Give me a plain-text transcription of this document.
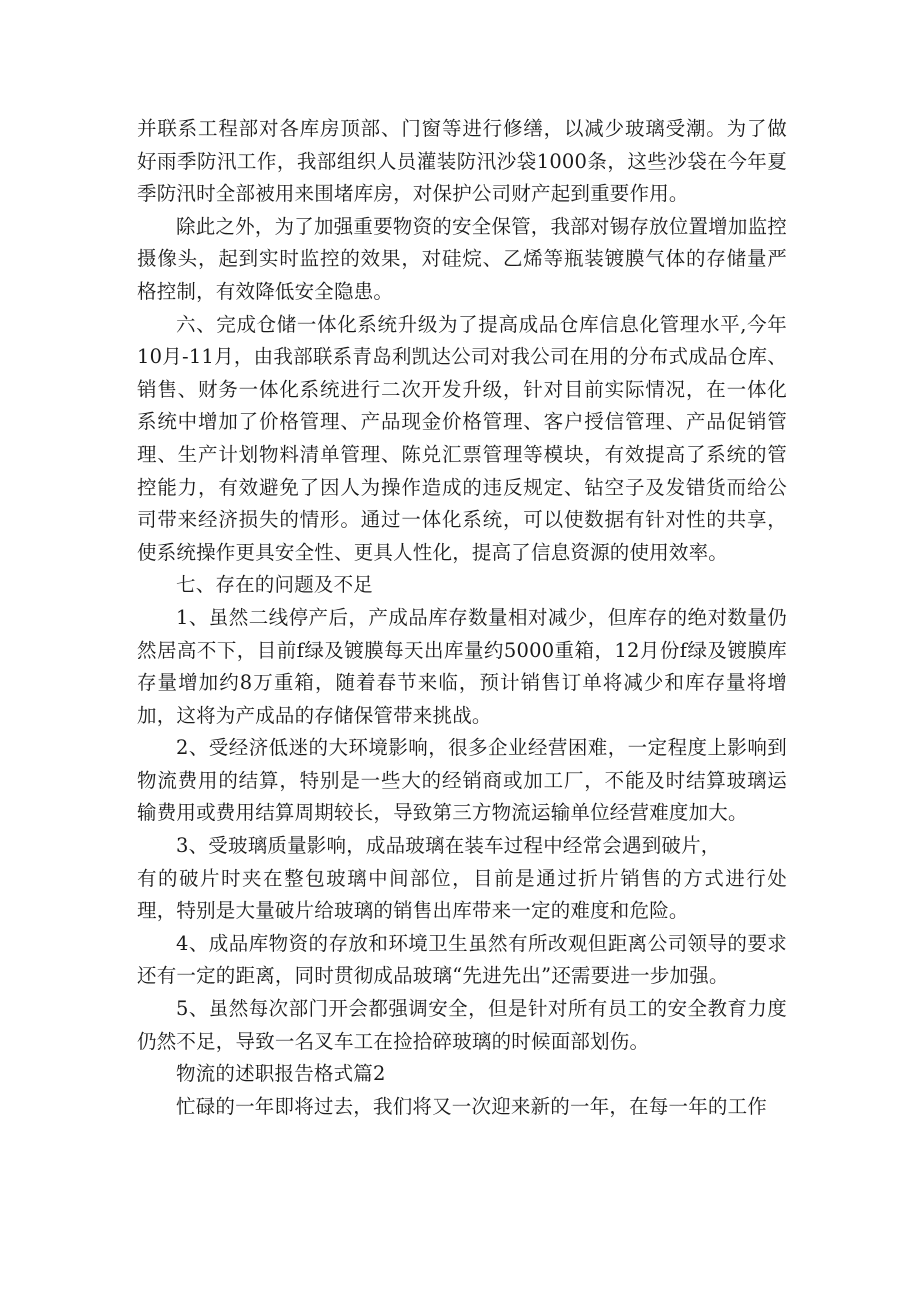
并联系工程部对各库房顶部、门窗等进行修缮，以减少玻璃受潮。为了做好雨季防汛工作，我部组织人员灌装防汛沙袋1000条，这些沙袋在今年夏季防汛时全部被用来围堵库房，对保护公司财产起到重要作用。

除此之外，为了加强重要物资的安全保管，我部对锡存放位置增加监控摄像头，起到实时监控的效果，对硅烷、乙烯等瓶装镀膜气体的存储量严格控制，有效降低安全隐患。

六、完成仓储一体化系统升级为了提高成品仓库信息化管理水平,今年10月-11月，由我部联系青岛利凯达公司对我公司在用的分布式成品仓库、销售、财务一体化系统进行二次开发升级，针对目前实际情况，在一体化系统中增加了价格管理、产品现金价格管理、客户授信管理、产品促销管理、生产计划物料清单管理、陈兑汇票管理等模块，有效提高了系统的管控能力，有效避免了因人为操作造成的违反规定、钻空子及发错货而给公司带来经济损失的情形。通过一体化系统，可以使数据有针对性的共享，使系统操作更具安全性、更具人性化，提高了信息资源的使用效率。

七、存在的问题及不足

1、虽然二线停产后，产成品库存数量相对减少，但库存的绝对数量仍然居高不下，目前f绿及镀膜每天出库量约5000重箱，12月份f绿及镀膜库存量增加约8万重箱，随着春节来临，预计销售订单将减少和库存量将增加，这将为产成品的存储保管带来挑战。

2、受经济低迷的大环境影响，很多企业经营困难，一定程度上影响到物流费用的结算，特别是一些大的经销商或加工厂，不能及时结算玻璃运输费用或费用结算周期较长，导致第三方物流运输单位经营难度加大。

3、受玻璃质量影响，成品玻璃在装车过程中经常会遇到破片，

有的破片时夹在整包玻璃中间部位，目前是通过折片销售的方式进行处理，特别是大量破片给玻璃的销售出库带来一定的难度和危险。

4、成品库物资的存放和环境卫生虽然有所改观但距离公司领导的要求还有一定的距离，同时贯彻成品玻璃“先进先出”还需要进一步加强。

5、虽然每次部门开会都强调安全，但是针对所有员工的安全教育力度仍然不足，导致一名叉车工在捡拾碎玻璃的时候面部划伤。

物流的述职报告格式篇2

忙碌的一年即将过去，我们将又一次迎来新的一年，在每一年的工作
